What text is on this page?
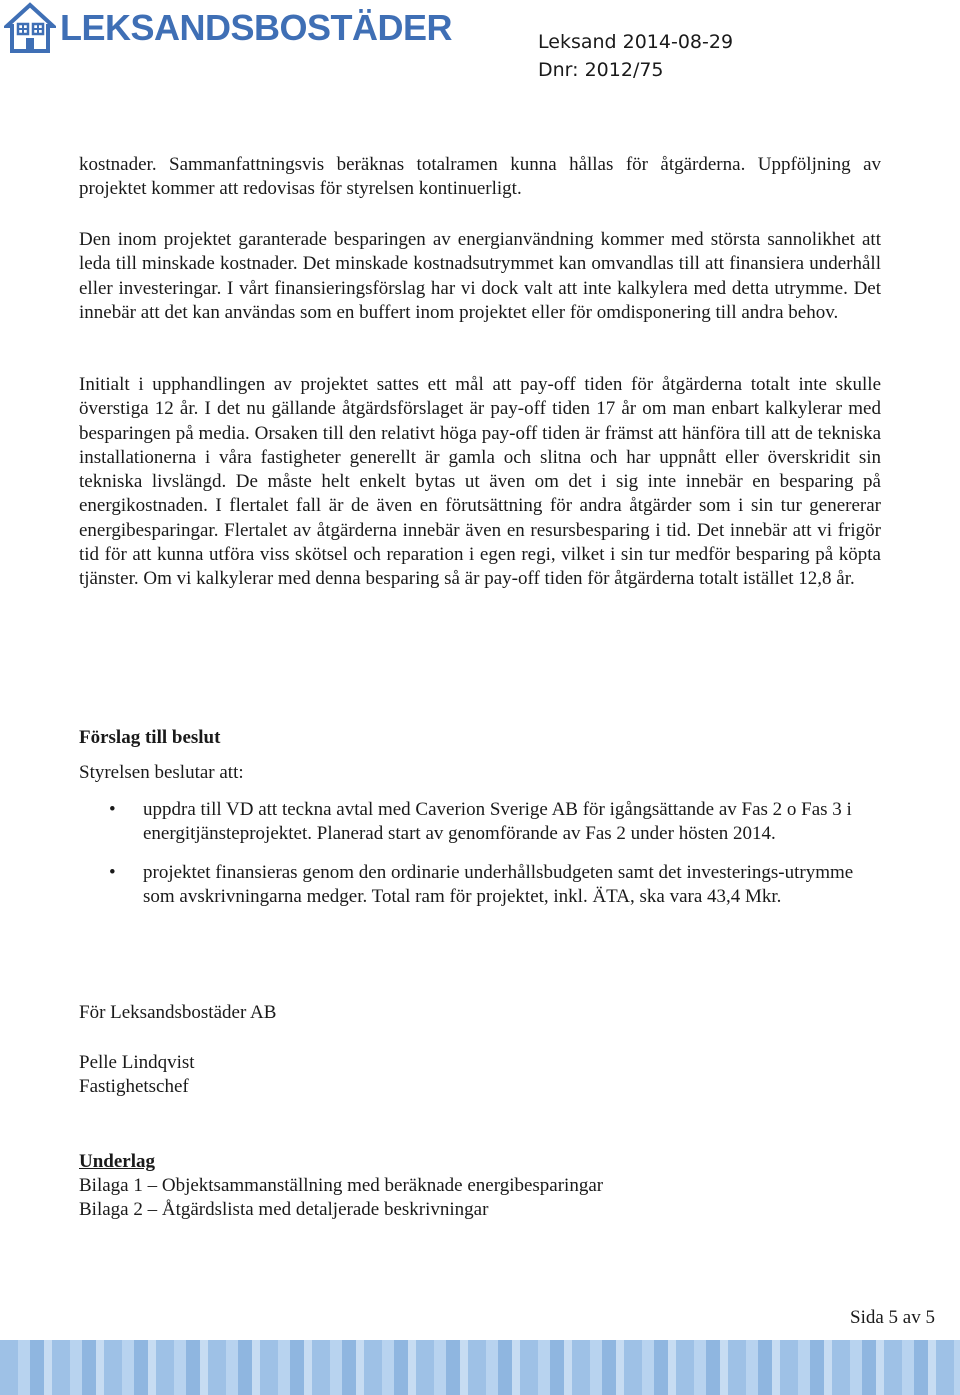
LEKSANDSBOSTÄDER	Leksand 2014-08-29
Dnr: 2012/75

kostnader. Sammanfattningsvis beräknas totalramen kunna hållas för åtgärderna. Uppföljning av projektet kommer att redovisas för styrelsen kontinuerligt.

Den inom projektet garanterade besparingen av energianvändning kommer med största sannolikhet att leda till minskade kostnader. Det minskade kostnadsutrymmet kan omvandlas till att finansiera underhåll eller investeringar. I vårt finansieringsförslag har vi dock valt att inte kalkylera med detta utrymme. Det innebär att det kan användas som en buffert inom projektet eller för omdisponering till andra behov.

Initialt i upphandlingen av projektet sattes ett mål att pay-off tiden för åtgärderna totalt inte skulle överstiga 12 år. I det nu gällande åtgärdsförslaget är pay-off tiden 17 år om man enbart kalkylerar med besparingen på media. Orsaken till den relativt höga pay-off tiden är främst att hänföra till att de tekniska installationerna i våra fastigheter generellt är gamla och slitna och har uppnått eller överskridit sin tekniska livslängd. De måste helt enkelt bytas ut även om det i sig inte innebär en besparing på energikostnaden. I flertalet fall är de även en förutsättning för andra åtgärder som i sin tur genererar energibesparingar. Flertalet av åtgärderna innebär även en resursbesparing i tid. Det innebär att vi frigör tid för att kunna utföra viss skötsel och reparation i egen regi, vilket i sin tur medför besparing på köpta tjänster. Om vi kalkylerar med denna besparing så är pay-off tiden för åtgärderna totalt istället 12,8 år.

Förslag till beslut
Styrelsen beslutar att:
• uppdra till VD att teckna avtal med Caverion Sverige AB för igångsättande av Fas 2 o Fas 3 i energitjänsteprojektet. Planerad start av genomförande av Fas 2 under hösten 2014.
• projektet finansieras genom den ordinarie underhållsbudgeten samt det investerings-utrymme som avskrivningarna medger. Total ram för projektet, inkl. ÄTA, ska vara 43,4 Mkr.
För Leksandsbostäder AB
Pelle Lindqvist
Fastighetschef
Underlag
Bilaga 1 – Objektsammanställning med beräknade energibesparingar
Bilaga 2 – Åtgärdslista med detaljerade beskrivningar
Sida 5 av 5
